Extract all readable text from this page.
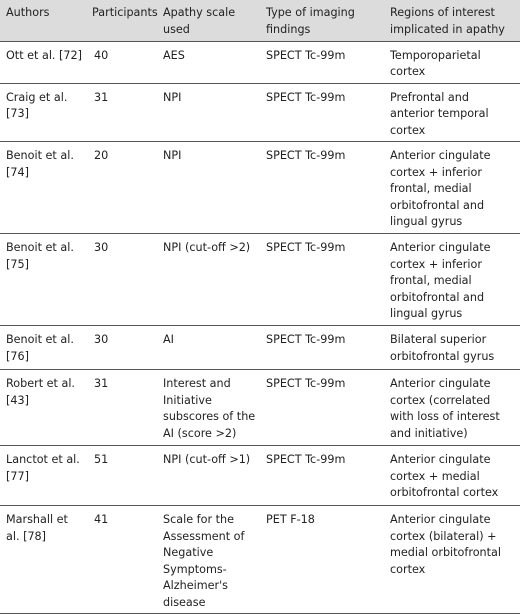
Authors	Participants	Apathy scale used	Type of imaging findings	Regions of interest implicated in apathy
Ott et al. [72]	40	AES	SPECT Tc-99m	Temporoparietal cortex
Craig et al. [73]	31	NPI	SPECT Tc-99m	Prefrontal and anterior temporal cortex
Benoit et al. [74]	20	NPI	SPECT Tc-99m	Anterior cingulate cortex + inferior frontal, medial orbitofrontal and lingual gyrus
Benoit et al. [75]	30	NPI (cut-off >2)	SPECT Tc-99m	Anterior cingulate cortex + inferior frontal, medial orbitofrontal and lingual gyrus
Benoit et al. [76]	30	AI	SPECT Tc-99m	Bilateral superior orbitofrontal gyrus
Robert et al. [43]	31	Interest and Initiative subscores of the AI (score >2)	SPECT Tc-99m	Anterior cingulate cortex (correlated with loss of interest and initiative)
Lanctot et al. [77]	51	NPI (cut-off >1)	SPECT Tc-99m	Anterior cingulate cortex + medial orbitofrontal cortex
Marshall et al. [78]	41	Scale for the Assessment of Negative Symptoms-Alzheimer's disease	PET F-18	Anterior cingulate cortex (bilateral) + medial orbitofrontal cortex
